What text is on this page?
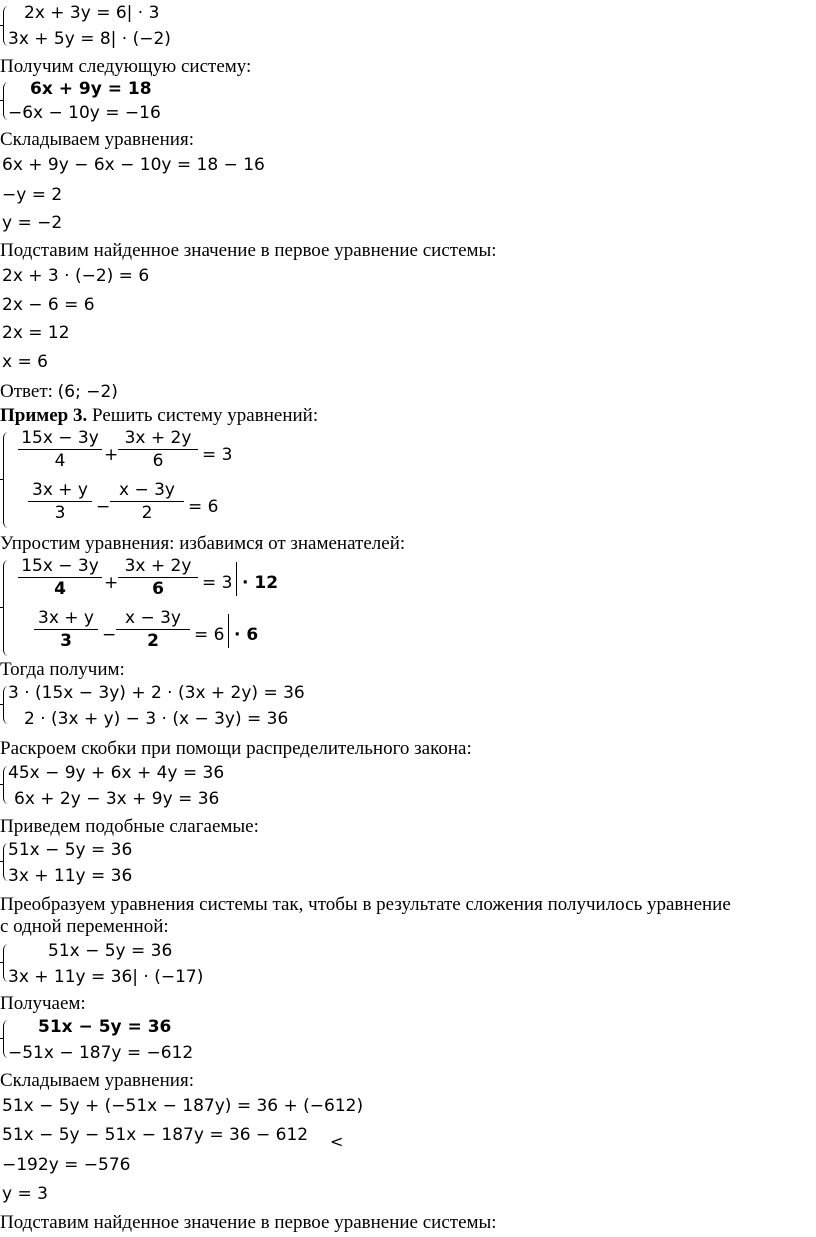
2x + 3y = 6| · 3
3x + 5y = 8| · (−2)
Получим следующую систему:
6x + 9y = 18
−6x − 10y = −16
Складываем уравнения:
6x + 9y − 6x − 10y = 18 − 16
−y = 2
y = −2
Подставим найденное значение в первое уравнение системы:
2x + 3 · (−2) = 6
2x − 6 = 6
2x = 12
x = 6
Ответ: (6; −2)
Пример 3. Решить систему уравнений:
15x − 3y
4	+
3x + 2y
6	= 3
3x + y
3	−
x − 3y
2	= 6
Упростим уравнения: избавимся от знаменателей:
15x − 3y
4	+
3x + 2y
6	= 3 · 12
3x + y
3	−
x − 3y
2	= 6 · 6
Тогда получим:
3 · (15x − 3y) + 2 · (3x + 2y) = 36
2 · (3x + y) − 3 · (x − 3y) = 36
Раскроем скобки при помощи распределительного закона:
45x − 9y + 6x + 4y = 36
6x + 2y − 3x + 9y = 36
Приведем подобные слагаемые:
51x − 5y = 36
3x + 11y = 36
Преобразуем уравнения системы так, чтобы в результате сложения получилось уравнение
с одной переменной:
51x − 5y = 36
3x + 11y = 36| · (−17)
Получаем:
51x − 5y = 36
−51x − 187y = −612
Складываем уравнения:
51x − 5y + (−51x − 187y) = 36 + (−612)
51x − 5y − 51x − 187y = 36 − 612 <
−192y = −576
y = 3
Подставим найденное значение в первое уравнение системы:
